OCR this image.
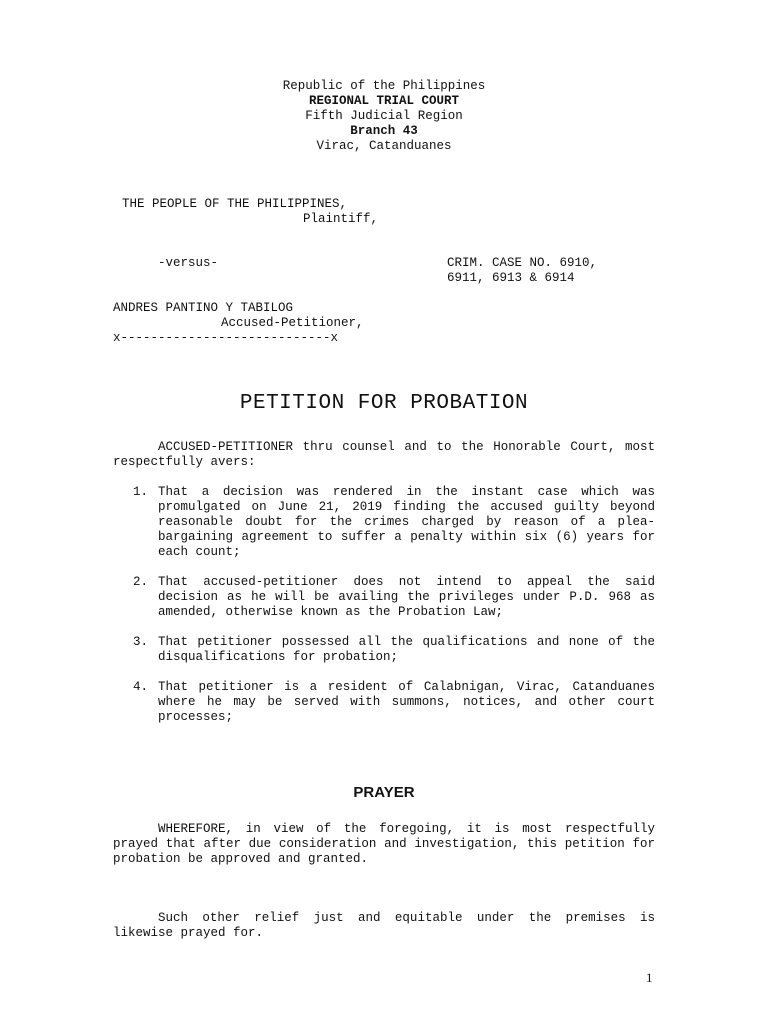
Republic of the Philippines
REGIONAL TRIAL COURT
Fifth Judicial Region
Branch 43
Virac, Catanduanes
THE PEOPLE OF THE PHILIPPINES,
Plaintiff,
-versus-	CRIM. CASE NO. 6910,
6911, 6913 & 6914
ANDRES PANTINO Y TABILOG
Accused-Petitioner,
x----------------------------x
PETITION FOR PROBATION
ACCUSED-PETITIONER thru counsel and to the Honorable Court, most respectfully avers:
1. That a decision was rendered in the instant case which was promulgated on June 21, 2019 finding the accused guilty beyond reasonable doubt for the crimes charged by reason of a plea-bargaining agreement to suffer a penalty within six (6) years for each count;
2. That accused-petitioner does not intend to appeal the said decision as he will be availing the privileges under P.D. 968 as amended, otherwise known as the Probation Law;
3. That petitioner possessed all the qualifications and none of the disqualifications for probation;
4. That petitioner is a resident of Calabnigan, Virac, Catanduanes where he may be served with summons, notices, and other court processes;
PRAYER
WHEREFORE, in view of the foregoing, it is most respectfully prayed that after due consideration and investigation, this petition for probation be approved and granted.
Such other relief just and equitable under the premises is likewise prayed for.
1
